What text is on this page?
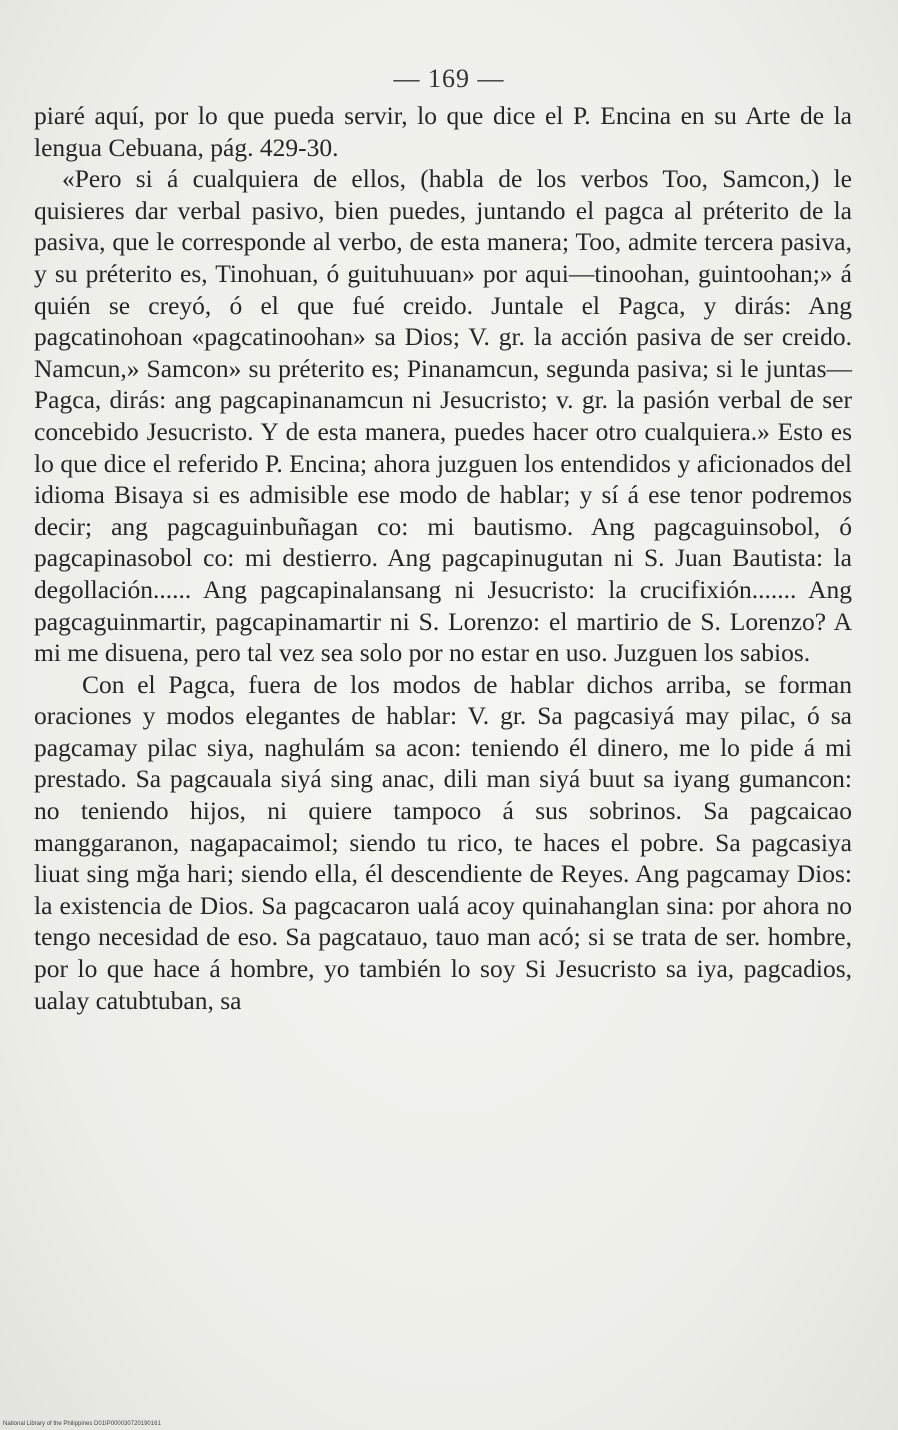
— 169 —

piaré aquí, por lo que pueda servir, lo que dice el P. Encina en su Arte de la lengua Cebuana, pág. 429-30.

«Pero si á cualquiera de ellos, (habla de los verbos Too, Samcon,) le quisieres dar verbal pasivo, bien puedes, juntando el pagca al préterito de la pasiva, que le corresponde al verbo, de esta manera; Too, admite tercera pasiva, y su préterito es, Tinohuan, ó guituhuuan» por aqui—tinoohan, guintoohan;» á quién se creyó, ó el que fué creido. Juntale el Pagca, y dirás: Ang pagcatinohoan «pagcatinoohan» sa Dios; V. gr. la acción pasiva de ser creido. Namcun,» Samcon» su préterito es; Pinanamcun, segunda pasiva; si le juntas—Pagca, dirás: ang pagcapinanamcun ni Jesucristo; v. gr. la pasión verbal de ser concebido Jesucristo. Y de esta manera, puedes hacer otro cualquiera.» Esto es lo que dice el referido P. Encina; ahora juzguen los entendidos y aficionados del idioma Bisaya si es admisible ese modo de hablar; y sí á ese tenor podremos decir; ang pagcaguinbuñagan co: mi bautismo. Ang pagcaguinsobol, ó pagcapinasobol co: mi destierro. Ang pagcapinugutan ni S. Juan Bautista: la degollación...... Ang pagcapinalansang ni Jesucristo: la crucifixión....... Ang pagcaguinmartir, pagcapinamartir ni S. Lorenzo: el martirio de S. Lorenzo? A mi me disuena, pero tal vez sea solo por no estar en uso. Juzguen los sabios.

Con el Pagca, fuera de los modos de hablar dichos arriba, se forman oraciones y modos elegantes de hablar: V. gr. Sa pagcasiyá may pilac, ó sa pagcamay pilac siya, naghulám sa acon: teniendo él dinero, me lo pide á mi prestado. Sa pagcauala siyá sing anac, dili man siyá buut sa iyang gumancon: no teniendo hijos, ni quiere tampoco á sus sobrinos. Sa pagcaicao manggaranon, nagapacaimol; siendo tu rico, te haces el pobre. Sa pagcasiya liuat sing mğa hari; siendo ella, él descendiente de Reyes. Ang pagcamay Dios: la existencia de Dios. Sa pagcacaron ualá acoy quinahanglan sina: por ahora no tengo necesidad de eso. Sa pagcatauo, tauo man acó; si se trata de ser. hombre, por lo que hace á hombre, yo también lo soy Si Jesucristo sa iya, pagcadios, ualay catubtuban, sa

National Library of the Philippines D01IP000030720190161
